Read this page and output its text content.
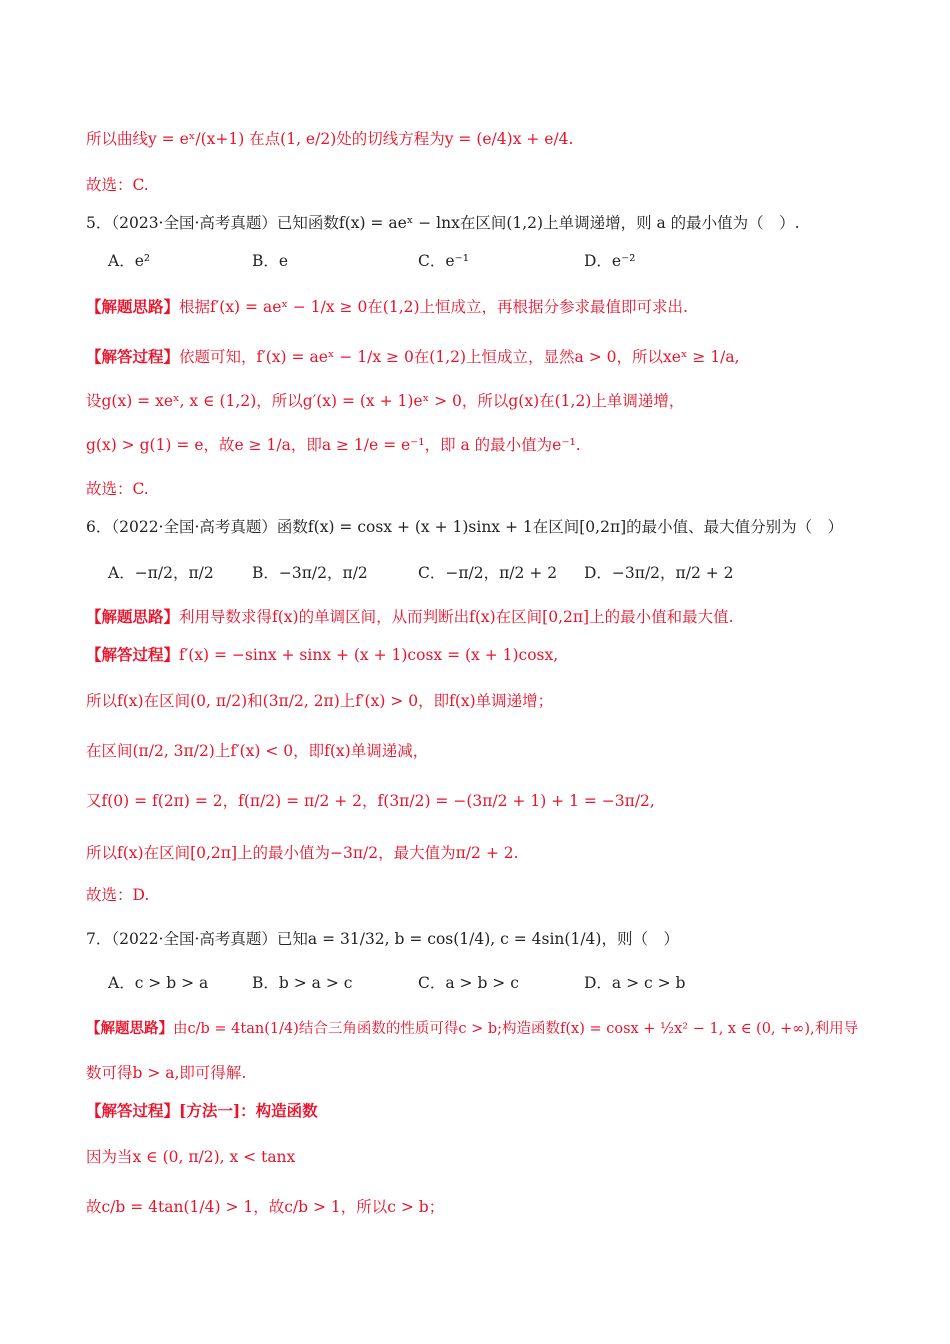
所以曲线y = eˣ/(x+1) 在点(1, e/2)处的切线方程为y = (e/4)x + e/4.
故选：C.
5．（2023·全国·高考真题）已知函数f(x) = aeˣ − lnx在区间(1,2)上单调递增，则 a 的最小值为（　）.
A．e²	B．e	C．e⁻¹	D．e⁻²
【解题思路】根据f′(x) = aeˣ − 1/x ≥ 0在(1,2)上恒成立，再根据分参求最值即可求出.
【解答过程】依题可知，f′(x) = aeˣ − 1/x ≥ 0在(1,2)上恒成立，显然a > 0，所以xeˣ ≥ 1/a,
设g(x) = xeˣ, x ∈ (1,2)，所以g′(x) = (x + 1)eˣ > 0，所以g(x)在(1,2)上单调递增，
g(x) > g(1) = e，故e ≥ 1/a，即a ≥ 1/e = e⁻¹，即 a 的最小值为e⁻¹.
故选：C.
6．（2022·全国·高考真题）函数f(x) = cosx + (x + 1)sinx + 1在区间[0,2π]的最小值、最大值分别为（　）
A．−π/2，π/2 B．−3π/2，π/2	C．−π/2，π/2 + 2 D．−3π/2，π/2 + 2
【解题思路】利用导数求得f(x)的单调区间，从而判断出f(x)在区间[0,2π]上的最小值和最大值.
【解答过程】f′(x) = −sinx + sinx + (x + 1)cosx = (x + 1)cosx,
所以f(x)在区间(0, π/2)和(3π/2, 2π)上f′(x) > 0，即f(x)单调递增；
在区间(π/2, 3π/2)上f′(x) < 0，即f(x)单调递减，
又f(0) = f(2π) = 2，f(π/2) = π/2 + 2，f(3π/2) = −(3π/2 + 1) + 1 = −3π/2,
所以f(x)在区间[0,2π]上的最小值为−3π/2，最大值为π/2 + 2.
故选：D.
7．（2022·全国·高考真题）已知a = 31/32, b = cos(1/4), c = 4sin(1/4)，则（　）
A．c > b > a	B．b > a > c	C．a > b > c	D．a > c > b
【解题思路】由c/b = 4tan(1/4)结合三角函数的性质可得c > b;构造函数f(x) = cosx + ½x² − 1, x ∈ (0, +∞),利用导
数可得b > a,即可得解.
【解答过程】[方法一]：构造函数
因为当x ∈ (0, π/2), x < tanx
故c/b = 4tan(1/4) > 1，故c/b > 1，所以c > b；
